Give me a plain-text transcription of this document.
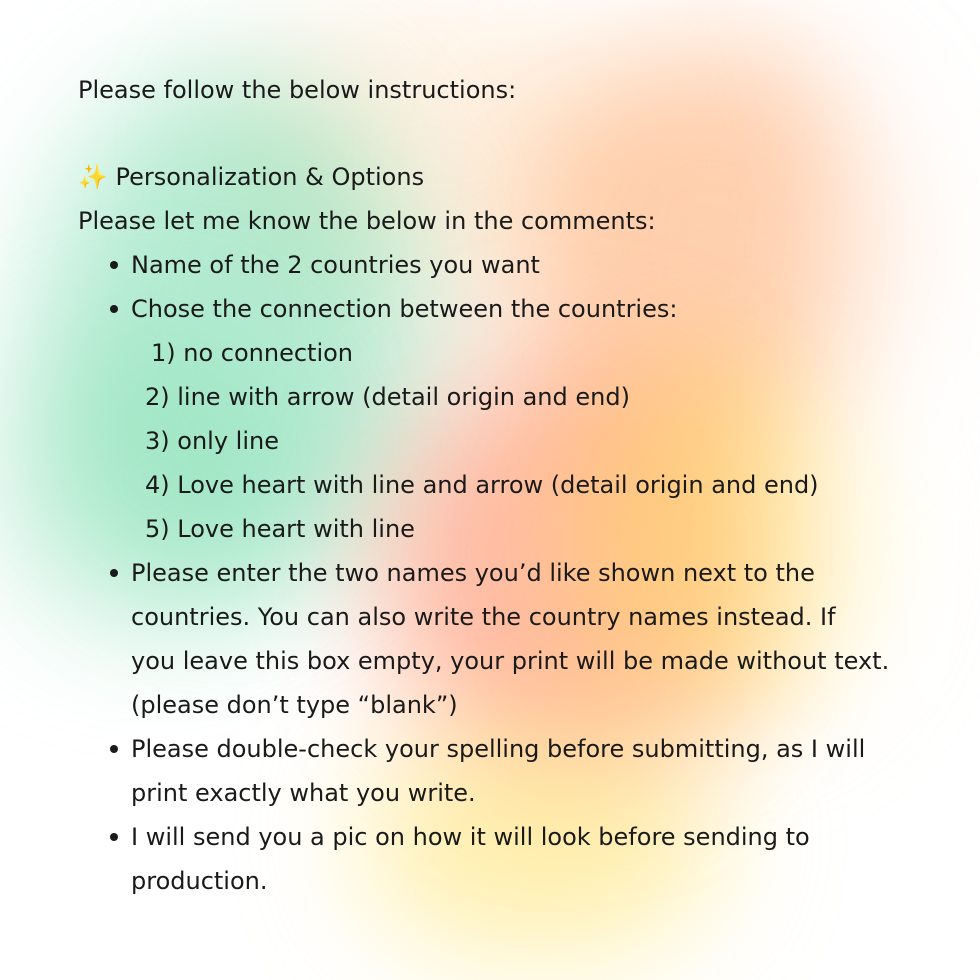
Please follow the below instructions:

✨ Personalization & Options

Please let me know the below in the comments:

Name of the 2 countries you want
Chose the connection between the countries:
1) no connection
2) line with arrow (detail origin and end)
3) only line
4) Love heart with line and arrow (detail origin and end)
5) Love heart with line
Please enter the two names you’d like shown next to the
countries. You can also write the country names instead. If
you leave this box empty, your print will be made without text.
(please don’t type “blank”)
Please double-check your spelling before submitting, as I will
print exactly what you write.
I will send you a pic on how it will look before sending to
production.
